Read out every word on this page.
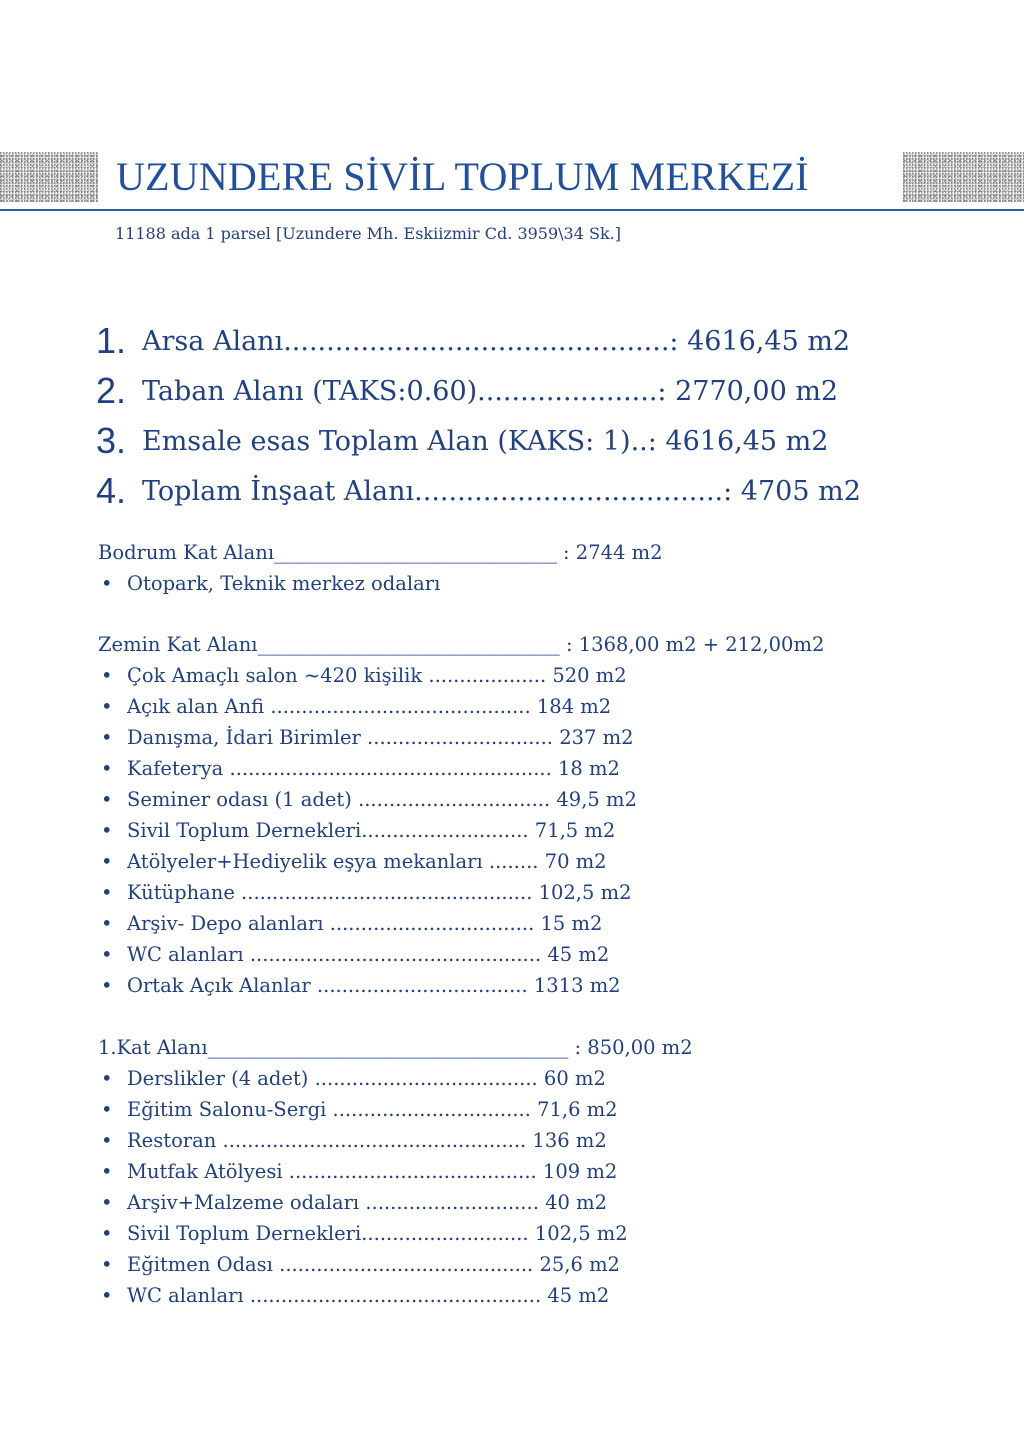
UZUNDERE SİVİL TOPLUM MERKEZİ
11188 ada 1 parsel [Uzundere Mh. Eskiizmir Cd. 3959\34 Sk.]
1. Arsa Alanı.............................................: 4616,45 m2
2. Taban Alanı (TAKS:0.60).....................: 2770,00 m2
3. Emsale esas Toplam Alan (KAKS: 1)..: 4616,45 m2
4. Toplam İnşaat Alanı....................................: 4705 m2
Bodrum Kat Alanı_____________________________ : 2744 m2
• Otopark, Teknik merkez odaları
Zemin Kat Alanı_______________________________ : 1368,00 m2 + 212,00m2
• Çok Amaçlı salon ~420 kişilik ................... 520 m2
• Açık alan Anfi .......................................... 184 m2
• Danışma, İdari Birimler .............................. 237 m2
• Kafeterya .................................................... 18 m2
• Seminer odası (1 adet) ............................... 49,5 m2
• Sivil Toplum Dernekleri........................... 71,5 m2
• Atölyeler+Hediyelik eşya mekanları ........ 70 m2
• Kütüphane ............................................... 102,5 m2
• Arşiv- Depo alanları ................................. 15 m2
• WC alanları ............................................... 45 m2
• Ortak Açık Alanlar .................................. 1313 m2
1.Kat Alanı_____________________________________ : 850,00 m2
• Derslikler (4 adet) .................................... 60 m2
• Eğitim Salonu-Sergi ................................ 71,6 m2
• Restoran ................................................. 136 m2
• Mutfak Atölyesi ........................................ 109 m2
• Arşiv+Malzeme odaları ............................ 40 m2
• Sivil Toplum Dernekleri........................... 102,5 m2
• Eğitmen Odası ......................................... 25,6 m2
• WC alanları ............................................... 45 m2
